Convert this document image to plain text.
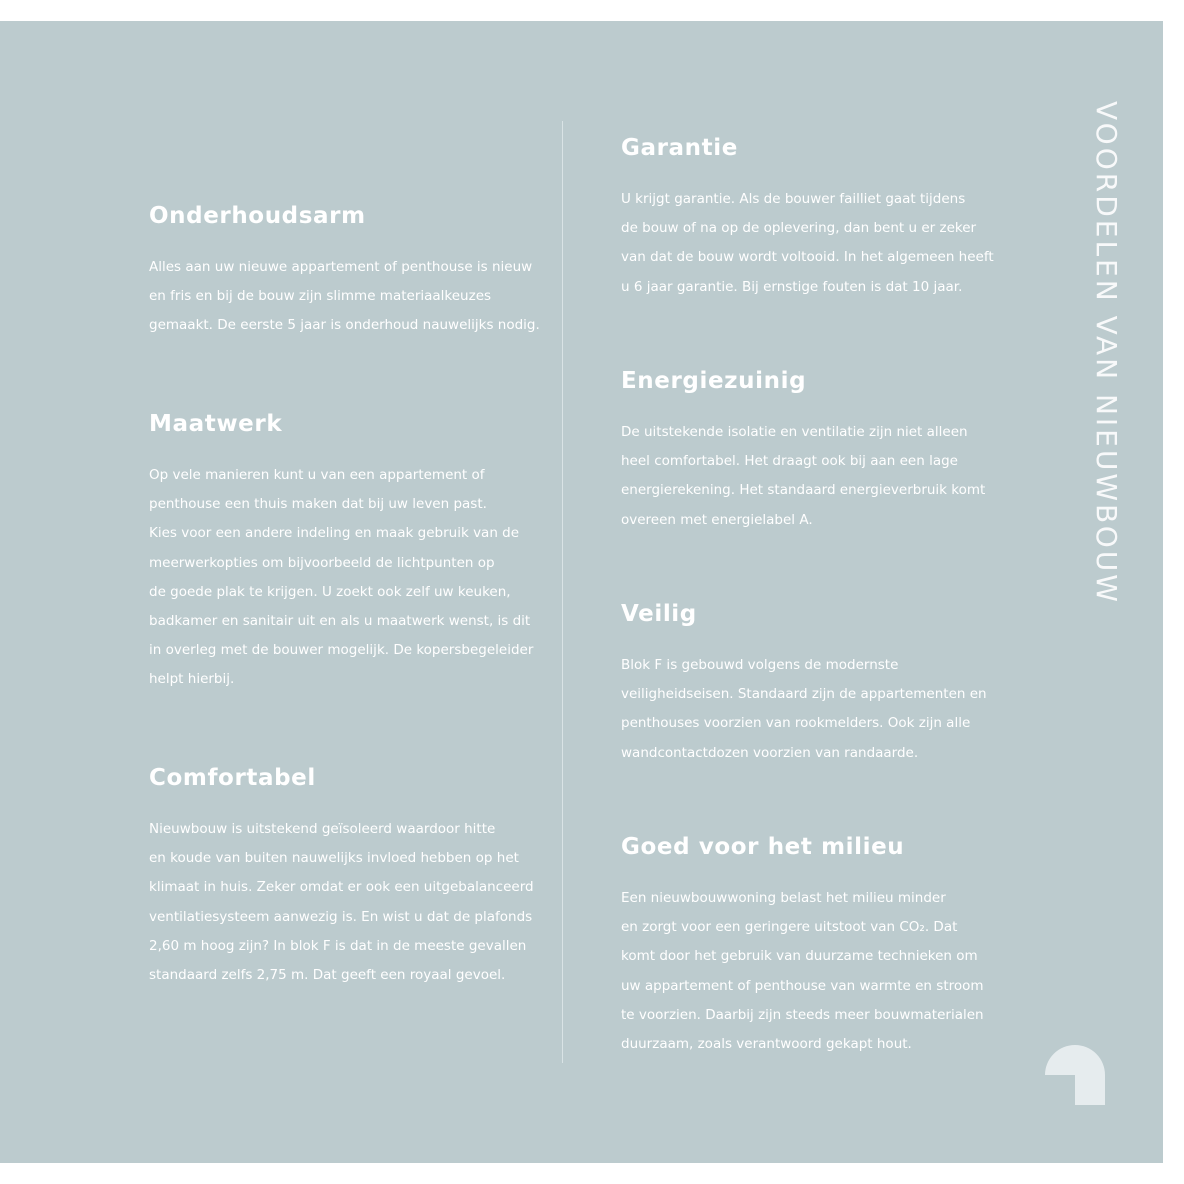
Onderhoudsarm

Alles aan uw nieuwe appartement of penthouse is nieuw
en fris en bij de bouw zijn slimme materiaalkeuzes
gemaakt. De eerste 5 jaar is onderhoud nauwelijks nodig.

Maatwerk

Op vele manieren kunt u van een appartement of
penthouse een thuis maken dat bij uw leven past.
Kies voor een andere indeling en maak gebruik van de
meerwerkopties om bijvoorbeeld de lichtpunten op
de goede plak te krijgen. U zoekt ook zelf uw keuken,
badkamer en sanitair uit en als u maatwerk wenst, is dit
in overleg met de bouwer mogelijk. De kopersbegeleider
helpt hierbij.

Comfortabel

Nieuwbouw is uitstekend geïsoleerd waardoor hitte
en koude van buiten nauwelijks invloed hebben op het
klimaat in huis. Zeker omdat er ook een uitgebalanceerd
ventilatiesysteem aanwezig is. En wist u dat de plafonds
2,60 m hoog zijn? In blok F is dat in de meeste gevallen
standaard zelfs 2,75 m. Dat geeft een royaal gevoel.

Garantie

U krijgt garantie. Als de bouwer failliet gaat tijdens
de bouw of na op de oplevering, dan bent u er zeker
van dat de bouw wordt voltooid. In het algemeen heeft
u 6 jaar garantie. Bij ernstige fouten is dat 10 jaar.

Energiezuinig

De uitstekende isolatie en ventilatie zijn niet alleen
heel comfortabel. Het draagt ook bij aan een lage
energierekening. Het standaard energieverbruik komt
overeen met energielabel A.

Veilig

Blok F is gebouwd volgens de modernste
veiligheidseisen. Standaard zijn de appartementen en
penthouses voorzien van rookmelders. Ook zijn alle
wandcontactdozen voorzien van randaarde.

Goed voor het milieu

Een nieuwbouwwoning belast het milieu minder
en zorgt voor een geringere uitstoot van CO₂. Dat
komt door het gebruik van duurzame technieken om
uw appartement of penthouse van warmte en stroom
te voorzien. Daarbij zijn steeds meer bouwmaterialen
duurzaam, zoals verantwoord gekapt hout.

VOORDELEN VAN NIEUWBOUW
